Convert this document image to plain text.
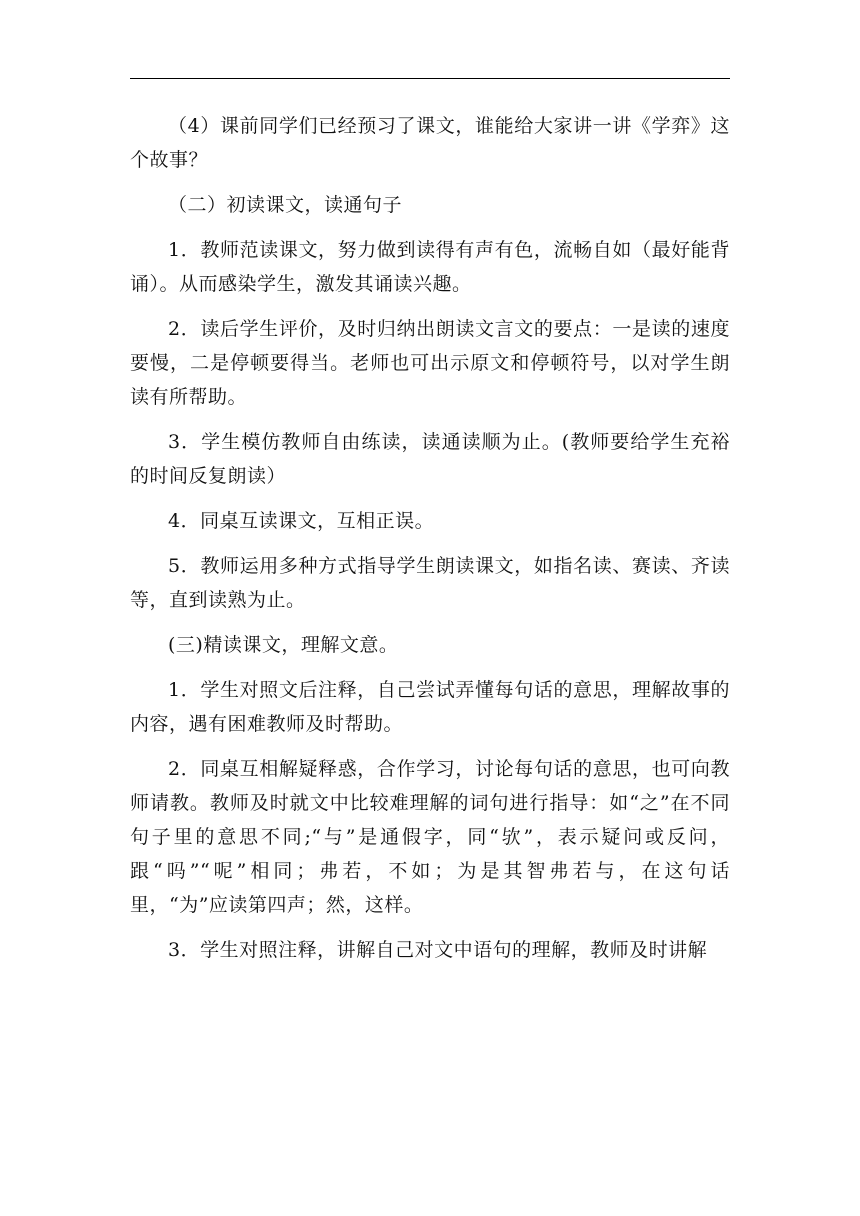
（4）课前同学们已经预习了课文，谁能给大家讲一讲《学弈》这个故事？

（二）初读课文，读通句子

1．教师范读课文，努力做到读得有声有色，流畅自如（最好能背诵）。从而感染学生，激发其诵读兴趣。

2．读后学生评价，及时归纳出朗读文言文的要点：一是读的速度要慢，二是停顿要得当。老师也可出示原文和停顿符号，以对学生朗读有所帮助。

3．学生模仿教师自由练读，读通读顺为止。(教师要给学生充裕的时间反复朗读）

4．同桌互读课文，互相正误。

5．教师运用多种方式指导学生朗读课文，如指名读、赛读、齐读等，直到读熟为止。

(三)精读课文，理解文意。

1．学生对照文后注释，自己尝试弄懂每句话的意思，理解故事的内容，遇有困难教师及时帮助。

2．同桌互相解疑释惑，合作学习，讨论每句话的意思，也可向教师请教。教师及时就文中比较难理解的词句进行指导：如“之”在不同句子里的意思不同;“与”是通假字，同“欤”，表示疑问或反问，跟“吗”“呢”相同；弗若，不如；为是其智弗若与，在这句话里，“为”应读第四声；然，这样。

3．学生对照注释，讲解自己对文中语句的理解，教师及时讲解
